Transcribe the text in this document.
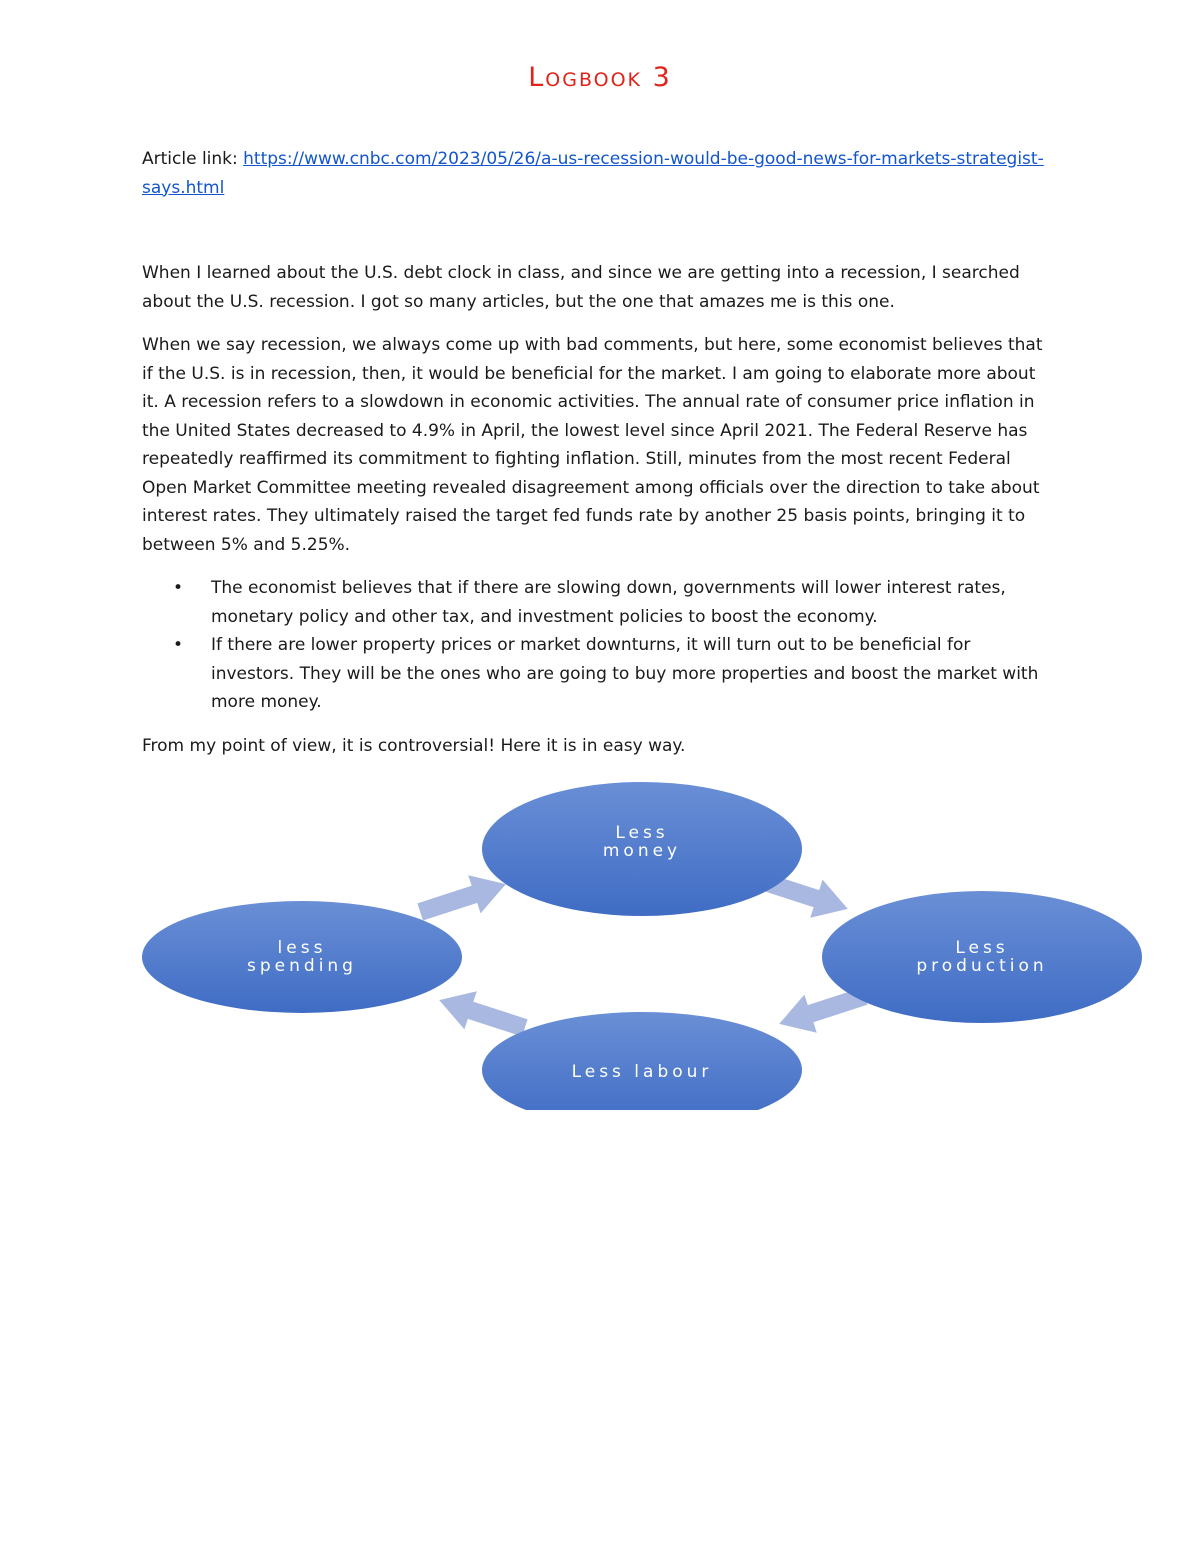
Logbook 3
Article link: https://www.cnbc.com/2023/05/26/a-us-recession-would-be-good-news-for-markets-strategist-says.html

When I learned about the U.S. debt clock in class, and since we are getting into a recession, I searched about the U.S. recession. I got so many articles, but the one that amazes me is this one.

When we say recession, we always come up with bad comments, but here, some economist believes that if the U.S. is in recession, then, it would be beneficial for the market. I am going to elaborate more about it. A recession refers to a slowdown in economic activities. The annual rate of consumer price inflation in the United States decreased to 4.9% in April, the lowest level since April 2021. The Federal Reserve has repeatedly reaffirmed its commitment to fighting inflation. Still, minutes from the most recent Federal Open Market Committee meeting revealed disagreement among officials over the direction to take about interest rates. They ultimately raised the target fed funds rate by another 25 basis points, bringing it to between 5% and 5.25%.

• The economist believes that if there are slowing down, governments will lower interest rates, monetary policy and other tax, and investment policies to boost the economy.
• If there are lower property prices or market downturns, it will turn out to be beneficial for investors. They will be the ones who are going to buy more properties and boost the market with more money.

From my point of view, it is controversial! Here it is in easy way.

Less
money
Less
production
Less labour
less
spending
